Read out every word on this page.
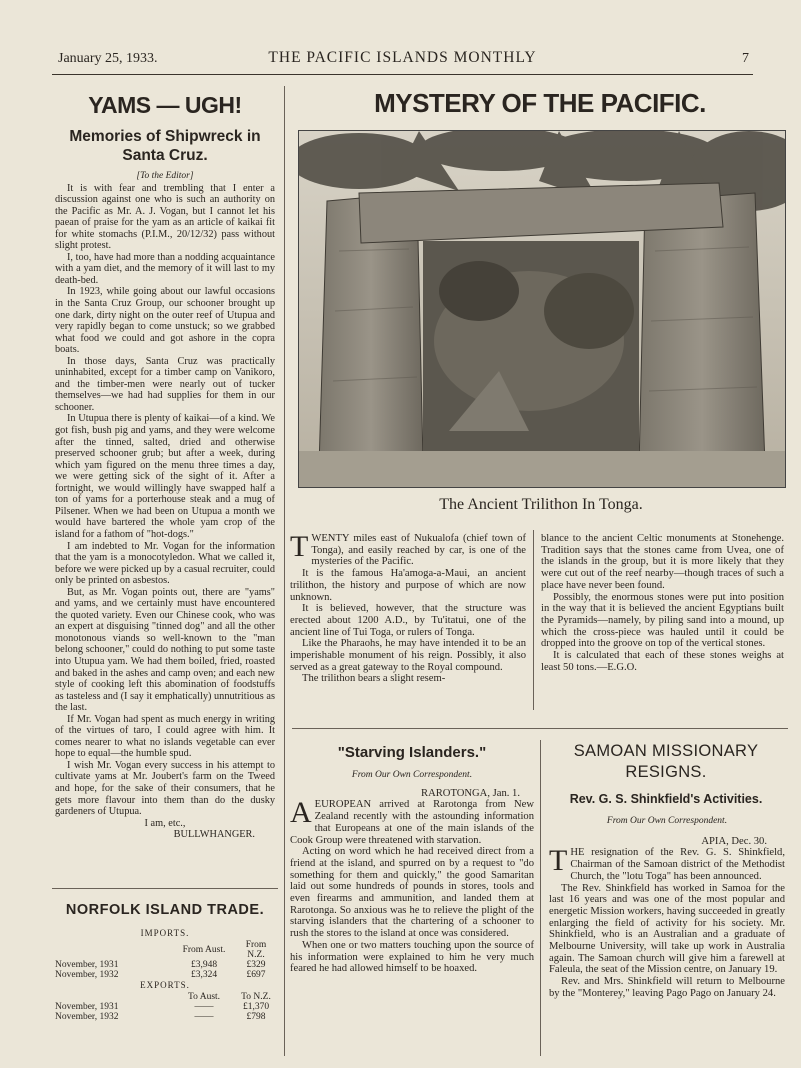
January 25, 1933.	THE PACIFIC ISLANDS MONTHLY	7
YAMS — UGH!
Memories of Shipwreck in
Santa Cruz.
[To the Editor]

It is with fear and trembling that I enter a discussion against one who is such an authority on the Pacific as Mr. A. J. Vogan, but I cannot let his paean of praise for the yam as an article of kaikai fit for white stomachs (P.I.M., 20/12/32) pass without slight protest.

I, too, have had more than a nodding acquaintance with a yam diet, and the memory of it will last to my death-bed.

In 1923, while going about our lawful occasions in the Santa Cruz Group, our schooner brought up one dark, dirty night on the outer reef of Utupua and very rapidly began to come unstuck; so we grabbed what food we could and got ashore in the copra boats.

In those days, Santa Cruz was practically uninhabited, except for a timber camp on Vanikoro, and the timber-men were nearly out of tucker themselves—we had had supplies for them in our schooner.

In Utupua there is plenty of kaikai—of a kind. We got fish, bush pig and yams, and they were welcome after the tinned, salted, dried and otherwise preserved schooner grub; but after a week, during which yam figured on the menu three times a day, we were getting sick of the sight of it. After a fortnight, we would willingly have swapped half a ton of yams for a porterhouse steak and a mug of Pilsener. When we had been on Utupua a month we would have bartered the whole yam crop of the island for a fathom of "hot-dogs."

I am indebted to Mr. Vogan for the information that the yam is a monocotyledon. What we called it, before we were picked up by a casual recruiter, could only be printed on asbestos.

But, as Mr. Vogan points out, there are "yams" and yams, and we certainly must have encountered the quoted variety. Even our Chinese cook, who was an expert at disguising "tinned dog" and all the other monotonous viands so well-known to the "man belong schooner," could do nothing to put some taste into Utupua yam. We had them boiled, fried, roasted and baked in the ashes and camp oven; and each new style of cooking left this abomination of foodstuffs as tasteless and (I say it emphatically) unnutritious as the last.

If Mr. Vogan had spent as much energy in writing of the virtues of taro, I could agree with him. It comes nearer to what no islands vegetable can ever hope to equal—the humble spud.

I wish Mr. Vogan every success in his attempt to cultivate yams at Mr. Joubert's farm on the Tweed and hope, for the sake of their consumers, that he gets more flavour into them than do the dusky gardeners of Utupua.

I am, etc.,
BULLWHANGER.
NORFOLK ISLAND TRADE.
IMPORTS.
	From Aust.	From N.Z.
November, 1931	£3,948	£329
November, 1932	£3,324	£697
EXPORTS.
	To Aust.	To N.Z.
November, 1931	——	£1,370
November, 1932	——	£798
MYSTERY OF THE PACIFIC.
The Ancient Trilithon In Tonga.

TWENTY miles east of Nukualofa (chief town of Tonga), and easily reached by car, is one of the mysteries of the Pacific.

It is the famous Ha'amoga-a-Maui, an ancient trilithon, the history and purpose of which are now unknown.

It is believed, however, that the structure was erected about 1200 A.D., by Tu'itatui, one of the ancient line of Tui Toga, or rulers of Tonga.

Like the Pharaohs, he may have intended it to be an imperishable monument of his reign. Possibly, it also served as a great gateway to the Royal compound.

The trilithon bears a slight resem-

blance to the ancient Celtic monuments at Stonehenge. Tradition says that the stones came from Uvea, one of the islands in the group, but it is more likely that they were cut out of the reef nearby—though traces of such a place have never been found.

Possibly, the enormous stones were put into position in the way that it is believed the ancient Egyptians built the Pyramids—namely, by piling sand into a mound, up which the cross-piece was hauled until it could be dropped into the groove on top of the vertical stones.

It is calculated that each of these stones weighs at least 50 tons.—E.G.O.

"Starving Islanders."
From Our Own Correspondent.
RAROTONGA, Jan. 1.

AEUROPEAN arrived at Rarotonga from New Zealand recently with the astounding information that Europeans at one of the main islands of the Cook Group were threatened with starvation.

Acting on word which he had received direct from a friend at the island, and spurred on by a request to "do something for them and quickly," the good Samaritan laid out some hundreds of pounds in stores, tools and even firearms and ammunition, and landed them at Rarotonga. So anxious was he to relieve the plight of the starving islanders that the chartering of a schooner to rush the stores to the island at once was considered.

When one or two matters touching upon the source of his information were explained to him he very much feared he had allowed himself to be hoaxed.

SAMOAN MISSIONARY
RESIGNS.
Rev. G. S. Shinkfield's Activities.
From Our Own Correspondent.
APIA, Dec. 30.

THE resignation of the Rev. G. S. Shinkfield, Chairman of the Samoan district of the Methodist Church, the "lotu Toga" has been announced.

The Rev. Shinkfield has worked in Samoa for the last 16 years and was one of the most popular and energetic Mission workers, having succeeded in greatly enlarging the field of activity for his society. Mr. Shinkfield, who is an Australian and a graduate of Melbourne University, will take up work in Australia again. The Samoan church will give him a farewell at Faleula, the seat of the Mission centre, on January 19.

Rev. and Mrs. Shinkfield will return to Melbourne by the "Monterey," leaving Pago Pago on January 24.
